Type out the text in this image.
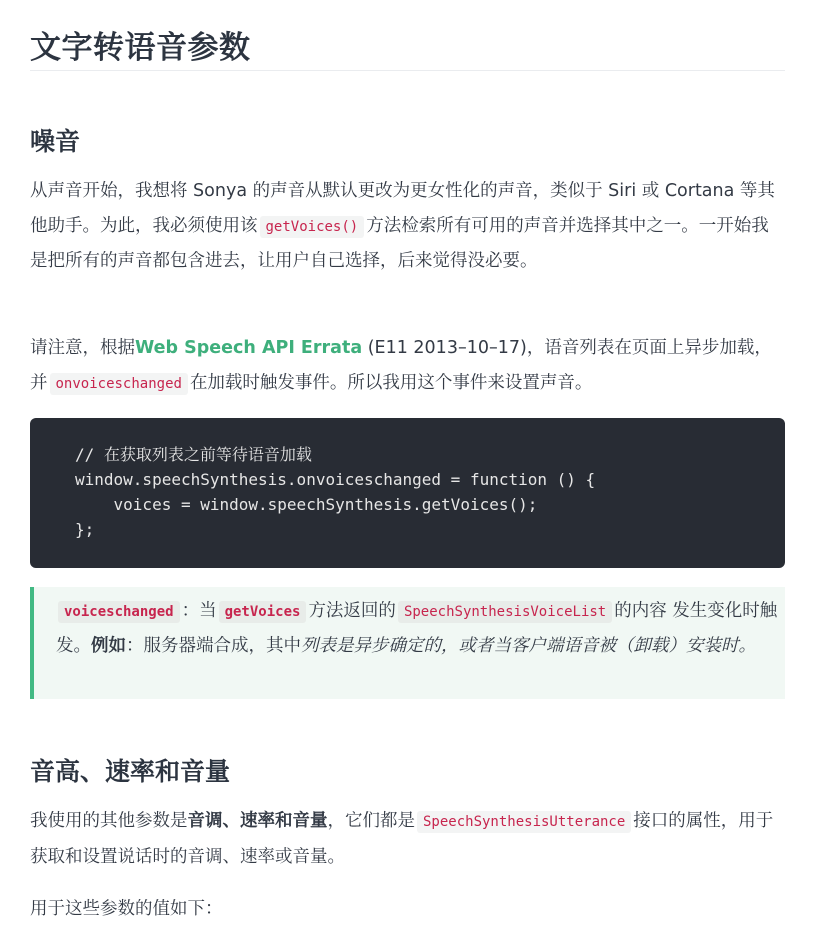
文字转语音参数
噪音

从声音开始，我想将 Sonya 的声音从默认更改为更女性化的声音，类似于 Siri 或 Cortana 等其他助手。为此，我必须使用该 getVoices() 方法检索所有可用的声音并选择其中之一。一开始我是把所有的声音都包含进去，让用户自己选择，后来觉得没必要。

请注意，根据Web Speech API Errata (E11 2013–10–17)，语音列表在页面上异步加载，并 onvoiceschanged 在加载时触发事件。所以我用这个事件来设置声音。

// 在获取列表之前等待语音加载
window.speechSynthesis.onvoiceschanged = function () {
voices = window.speechSynthesis.getVoices();
};
voiceschanged ：当 getVoices 方法返回的 SpeechSynthesisVoiceList 的内容 发生变化时触发。例如：服务器端合成，其中列表是异步确定的，或者当客户端语音被（卸载）安装时。
音高、速率和音量

我使用的其他参数是音调、速率和音量，它们都是 SpeechSynthesisUtterance 接口的属性，用于获取和设置说话时的音调、速率或音量。

用于这些参数的值如下：
